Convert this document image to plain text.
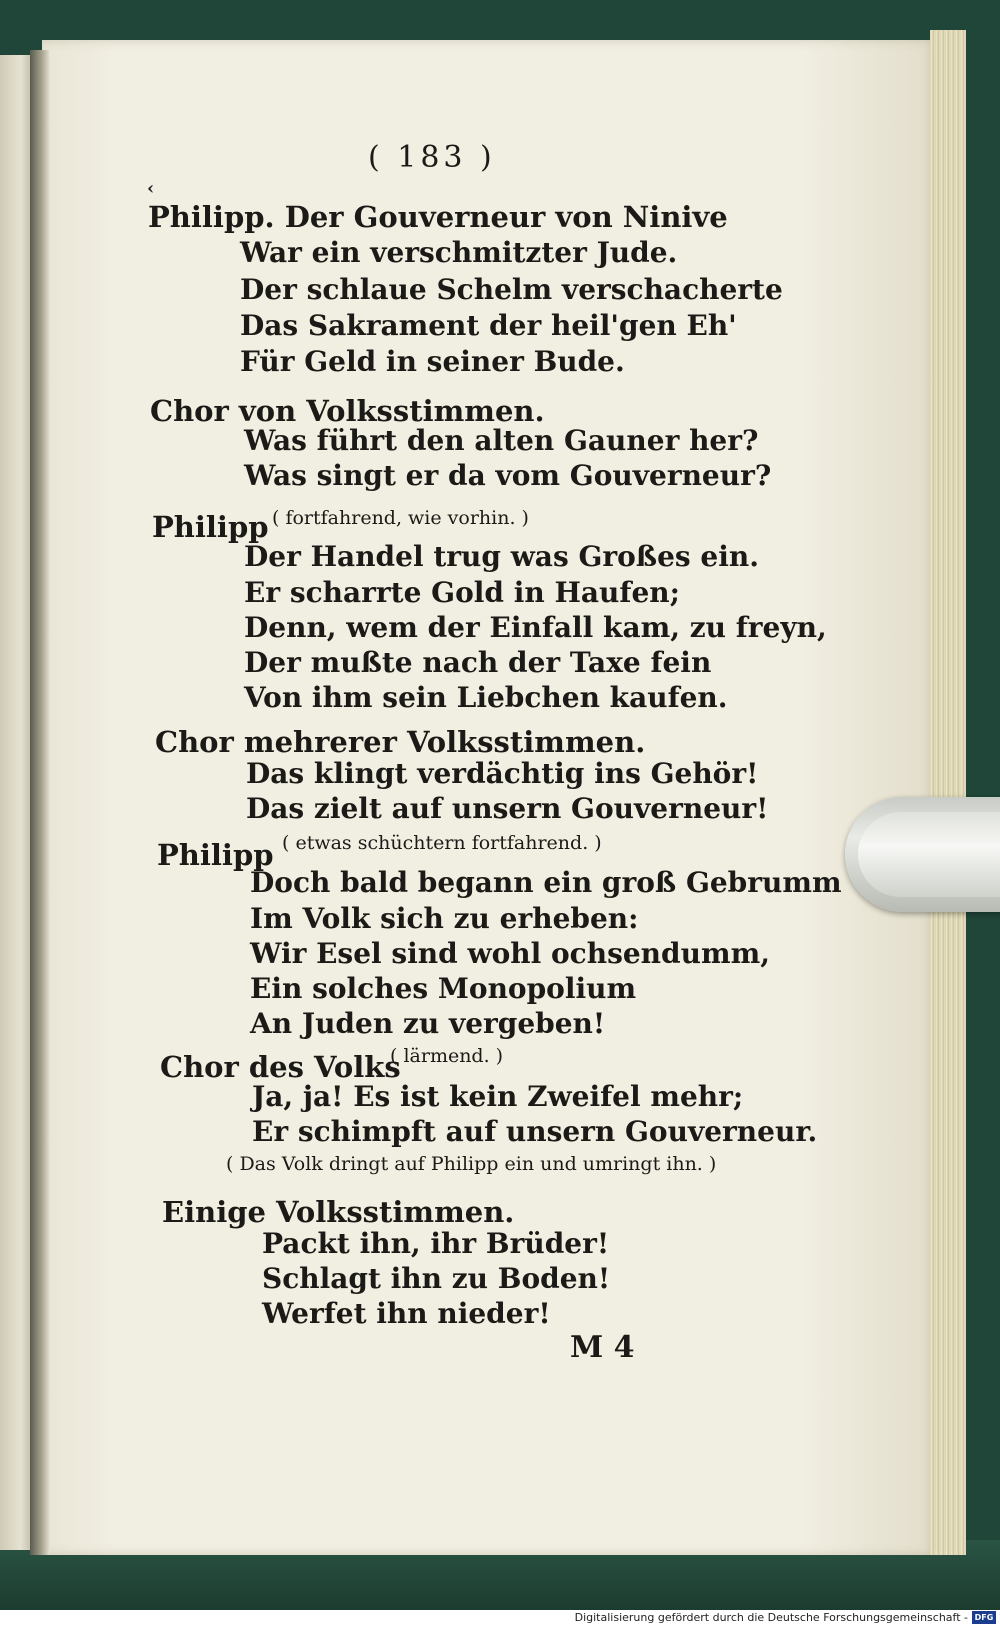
‹
( 183 )
Philipp. Der Gouverneur von Ninive
War ein verschmitzter Jude.
Der schlaue Schelm verschacherte
Das Sakrament der heil'gen Eh'
Für Geld in seiner Bude.
Chor von Volksstimmen.
Was führt den alten Gauner her?
Was singt er da vom Gouverneur?
Philipp ( fortfahrend, wie vorhin. )
Der Handel trug was Großes ein.
Er scharrte Gold in Haufen;
Denn, wem der Einfall kam, zu freyn,
Der mußte nach der Taxe fein
Von ihm sein Liebchen kaufen.
Chor mehrerer Volksstimmen.
Das klingt verdächtig ins Gehör!
Das zielt auf unsern Gouverneur!
Philipp ( etwas schüchtern fortfahrend. )
Doch bald begann ein groß Gebrumm
Im Volk sich zu erheben:
Wir Esel sind wohl ochsendumm,
Ein solches Monopolium
An Juden zu vergeben!
Chor des Volks
( lärmend. )
Ja, ja! Es ist kein Zweifel mehr;
Er schimpft auf unsern Gouverneur.
( Das Volk dringt auf Philipp ein und umringt ihn. )
Einige Volksstimmen.
Packt ihn, ihr Brüder!
Schlagt ihn zu Boden!
Werfet ihn nieder!
M 4
Digitalisierung gefördert durch die Deutsche Forschungsgemeinschaft - DFG
